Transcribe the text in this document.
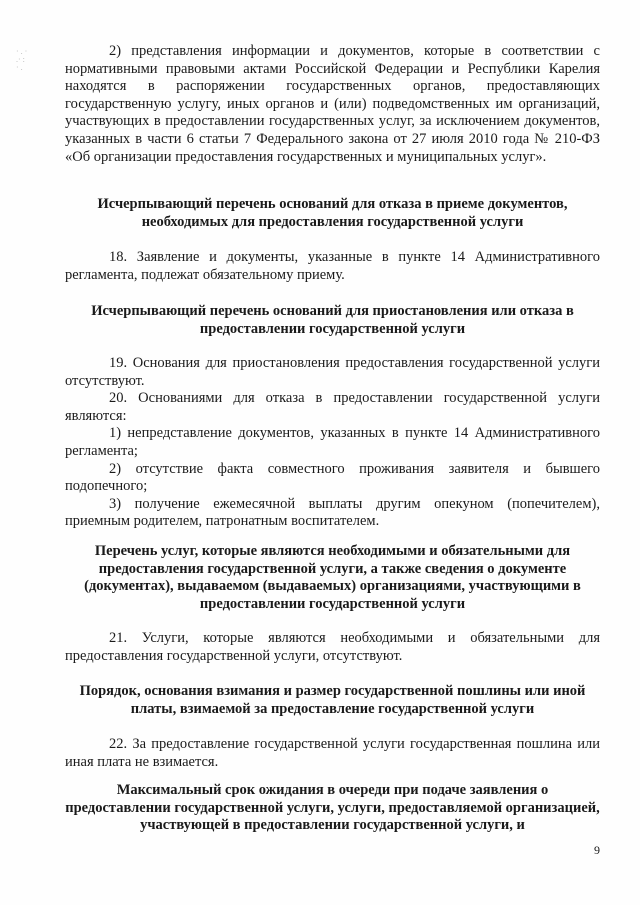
· . ·
.· :
· .

2) представления информации и документов, которые в соответствии с нормативными правовыми актами Российской Федерации и Республики Карелия находятся в распоряжении государственных органов, предоставляющих государственную услугу, иных органов и (или) подведомственных им организаций, участвующих в предоставлении государственных услуг, за исключением документов, указанных в части 6 статьи 7 Федерального закона от 27 июля 2010 года № 210-ФЗ «Об организации предоставления государственных и муниципальных услуг».

Исчерпывающий перечень оснований для отказа в приеме документов, необходимых для предоставления государственной услуги

18. Заявление и документы, указанные в пункте 14 Административного регламента, подлежат обязательному приему.

Исчерпывающий перечень оснований для приостановления или отказа в предоставлении государственной услуги

19. Основания для приостановления предоставления государственной услуги отсутствуют.

20. Основаниями для отказа в предоставлении государственной услуги являются:

1) непредставление документов, указанных в пункте 14 Административного регламента;

2) отсутствие факта совместного проживания заявителя и бывшего подопечного;

3) получение ежемесячной выплаты другим опекуном (попечителем), приемным родителем, патронатным воспитателем.

Перечень услуг, которые являются необходимыми и обязательными для предоставления государственной услуги, а также сведения о документе (документах), выдаваемом (выдаваемых) организациями, участвующими в предоставлении государственной услуги

21. Услуги, которые являются необходимыми и обязательными для предоставления государственной услуги, отсутствуют.

Порядок, основания взимания и размер государственной пошлины или иной платы, взимаемой за предоставление государственной услуги

22. За предоставление государственной услуги государственная пошлина или иная плата не взимается.

Максимальный срок ожидания в очереди при подаче заявления о предоставлении государственной услуги, услуги, предоставляемой организацией, участвующей в предоставлении государственной услуги, и
9
